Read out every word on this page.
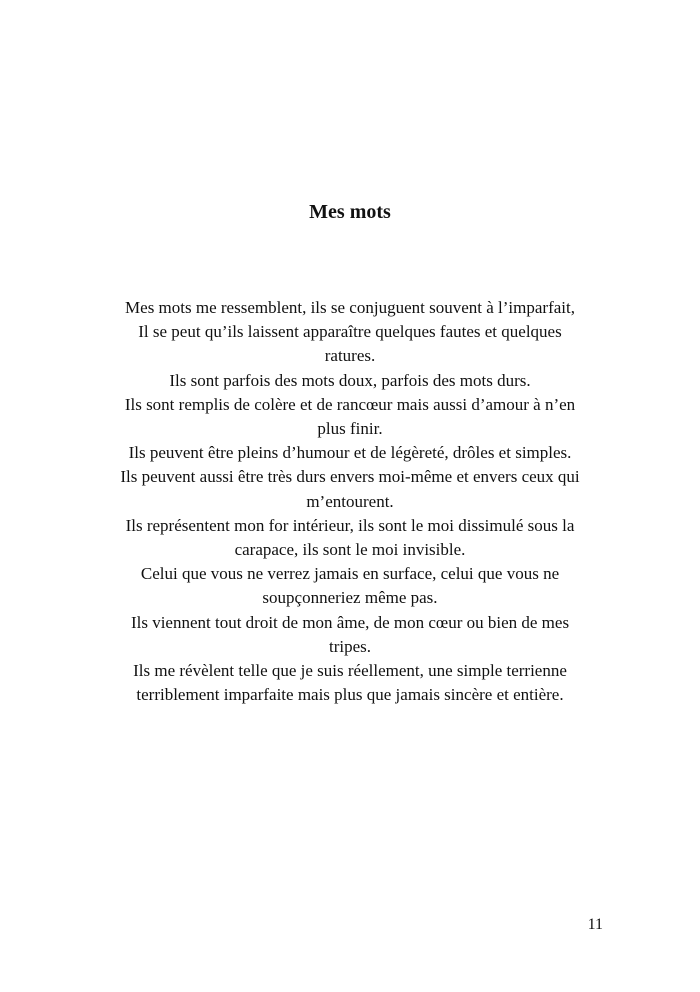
Mes mots
Mes mots me ressemblent, ils se conjuguent souvent à l’imparfait,
Il se peut qu’ils laissent apparaître quelques fautes et quelques
ratures.
Ils sont parfois des mots doux, parfois des mots durs.
Ils sont remplis de colère et de rancœur mais aussi d’amour à n’en
plus finir.
Ils peuvent être pleins d’humour et de légèreté, drôles et simples.
Ils peuvent aussi être très durs envers moi-même et envers ceux qui
m’entourent.
Ils représentent mon for intérieur, ils sont le moi dissimulé sous la
carapace, ils sont le moi invisible.
Celui que vous ne verrez jamais en surface, celui que vous ne
soupçonneriez même pas.
Ils viennent tout droit de mon âme, de mon cœur ou bien de mes
tripes.
Ils me révèlent telle que je suis réellement, une simple terrienne
terriblement imparfaite mais plus que jamais sincère et entière.
11
